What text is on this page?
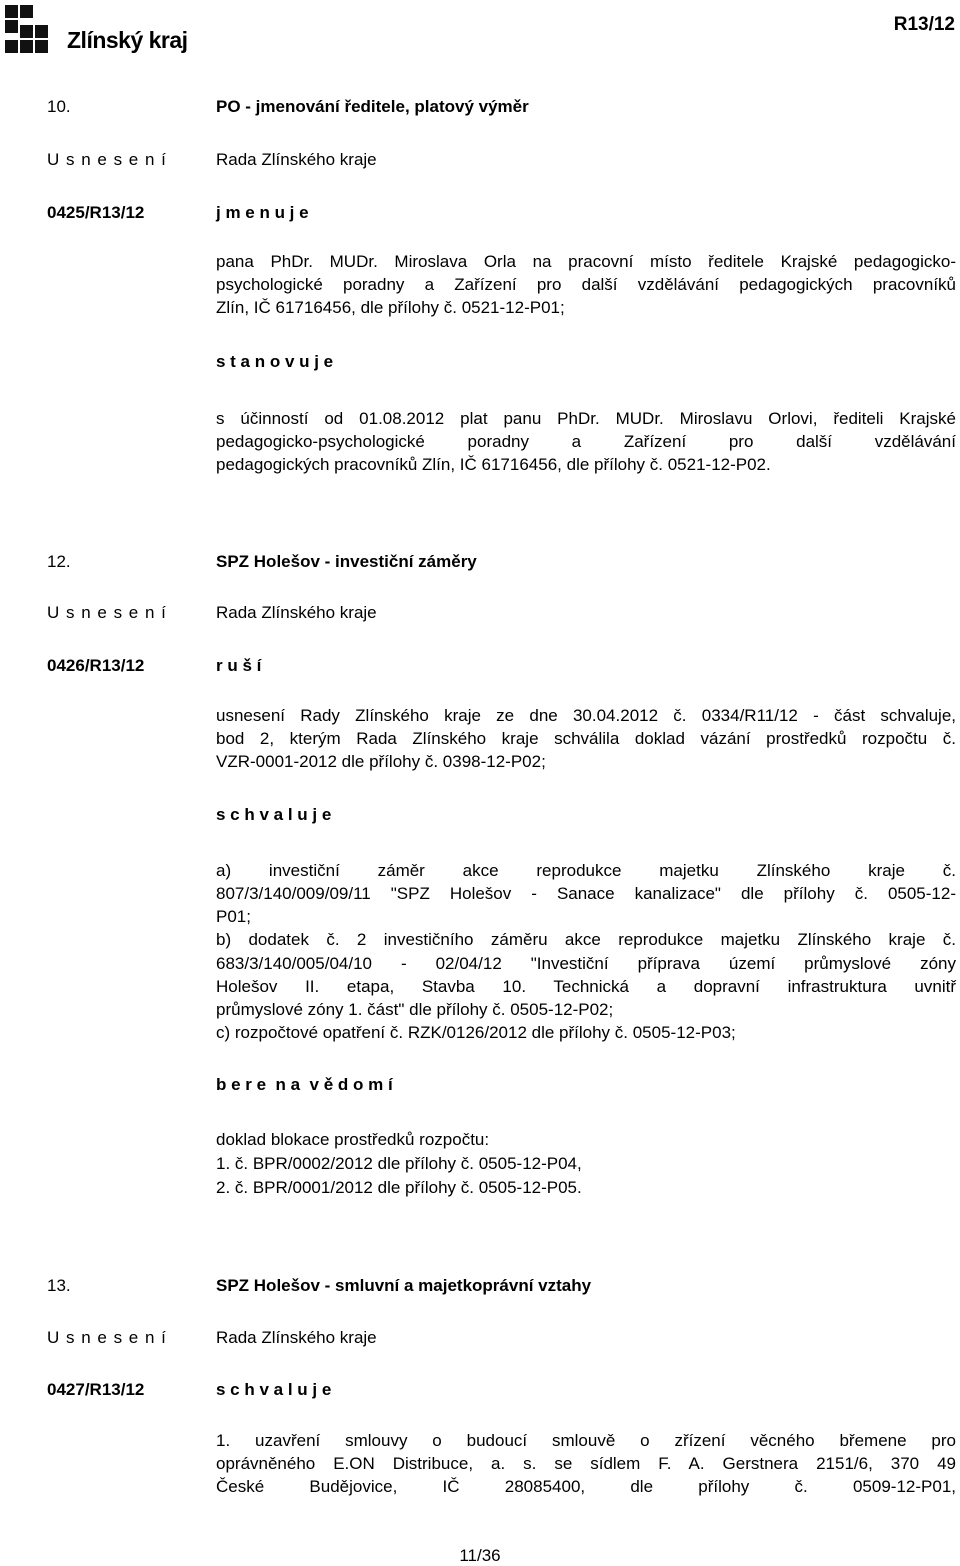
Zlínský kraj
R13/12
10.	PO - jmenování ředitele, platový výměr
U s n e s e n í	Rada Zlínského kraje
0425/R13/12	j m e n u j e
pana PhDr. MUDr. Miroslava Orla na pracovní místo ředitele Krajské pedagogicko-
psychologické poradny a Zařízení pro další vzdělávání pedagogických pracovníků
Zlín, IČ 61716456, dle přílohy č. 0521-12-P01;
s t a n o v u j e
s účinností od 01.08.2012 plat panu PhDr. MUDr. Miroslavu Orlovi, řediteli Krajské
pedagogicko-psychologické poradny a Zařízení pro další vzdělávání
pedagogických pracovníků Zlín, IČ 61716456, dle přílohy č. 0521-12-P02.
12.	SPZ Holešov - investiční záměry
U s n e s e n í	Rada Zlínského kraje
0426/R13/12	r u š í
usnesení Rady Zlínského kraje ze dne 30.04.2012 č. 0334/R11/12 - část schvaluje,
bod 2, kterým Rada Zlínského kraje schválila doklad vázání prostředků rozpočtu č.
VZR-0001-2012 dle přílohy č. 0398-12-P02;
s c h v a l u j e
a) investiční záměr akce reprodukce majetku Zlínského kraje č.
807/3/140/009/09/11 "SPZ Holešov - Sanace kanalizace" dle přílohy č. 0505-12-
P01;
b) dodatek č. 2 investičního záměru akce reprodukce majetku Zlínského kraje č.
683/3/140/005/04/10 - 02/04/12 "Investiční příprava území průmyslové zóny
Holešov II. etapa, Stavba 10. Technická a dopravní infrastruktura uvnitř
průmyslové zóny 1. část" dle přílohy č. 0505-12-P02;
c) rozpočtové opatření č. RZK/0126/2012 dle přílohy č. 0505-12-P03;
b e r e  n a  v ě d o m í
doklad blokace prostředků rozpočtu:
1. č. BPR/0002/2012 dle přílohy č. 0505-12-P04,
2. č. BPR/0001/2012 dle přílohy č. 0505-12-P05.
13.	SPZ Holešov - smluvní a majetkoprávní vztahy
U s n e s e n í	Rada Zlínského kraje
0427/R13/12	s c h v a l u j e
1. uzavření smlouvy o budoucí smlouvě o zřízení věcného břemene pro
oprávněného E.ON Distribuce, a. s. se sídlem F. A. Gerstnera 2151/6, 370 49
České Budějovice, IČ 28085400, dle přílohy č. 0509-12-P01,
11/36
